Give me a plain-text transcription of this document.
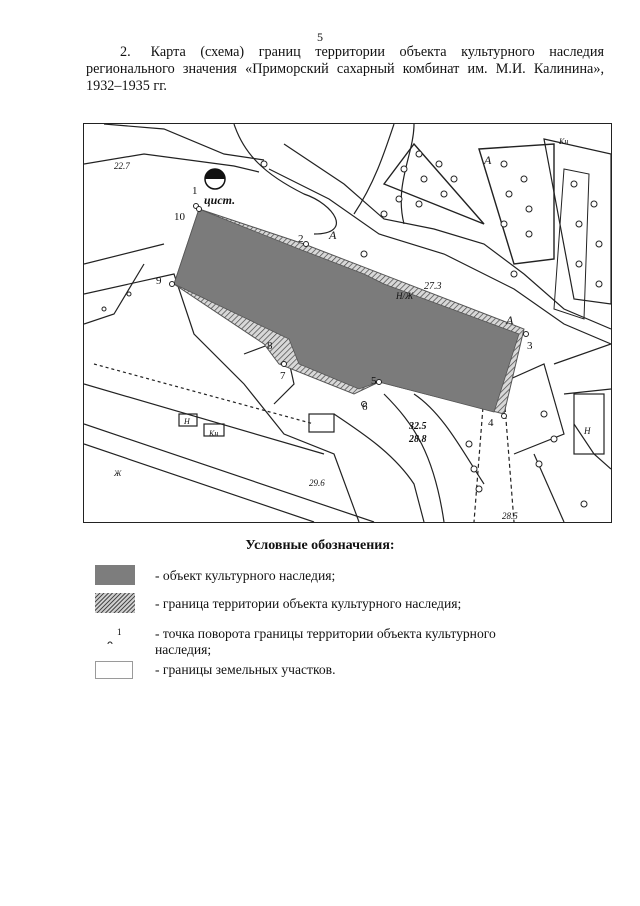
5
2. Карта (схема) границ территории объекта культурного наследия регионального значения «Приморский сахарный комбинат им. М.И. Калинина», 1932–1935 гг.
1
2
3
4
5
6
7
8
9
10
цист.
А
А
А
27.3
32.5
28.8
22.7
29.6
28.5
Н/Ж
Кн
Кн
Н
Н
Ж
Условные обозначения:
- объект культурного наследия;
- граница территории объекта культурного наследия;
1 - точка поворота границы территории объекта культурного наследия;
- границы земельных участков.
